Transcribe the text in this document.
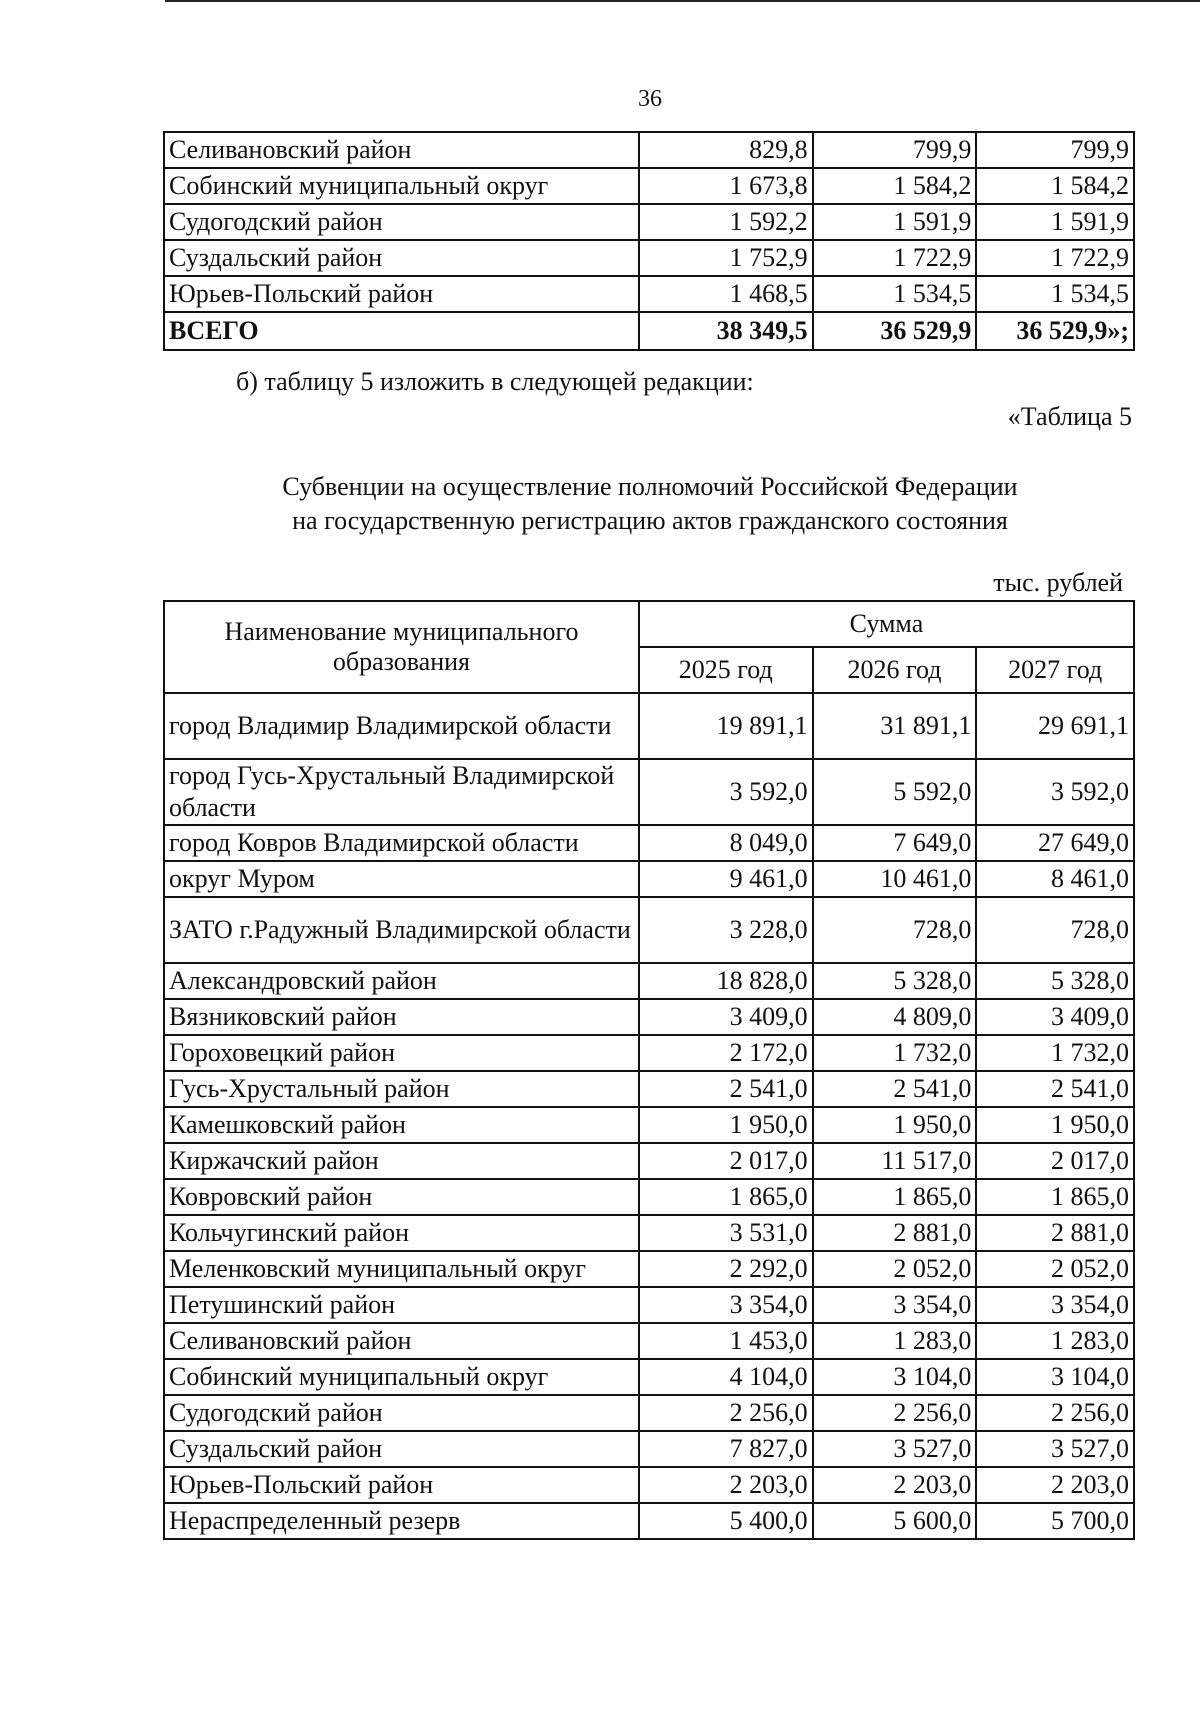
36
Селивановский район	829,8	799,9	799,9
Собинский муниципальный округ	1 673,8	1 584,2	1 584,2
Судогодский район	1 592,2	1 591,9	1 591,9
Суздальский район	1 752,9	1 722,9	1 722,9
Юрьев-Польский район	1 468,5	1 534,5	1 534,5
ВСЕГО	38 349,5	36 529,9	36 529,9»;
б) таблицу 5 изложить в следующей редакции:
«Таблица 5
Субвенции на осуществление полномочий Российской Федерации
на государственную регистрацию актов гражданского состояния
тыс. рублей
Наименование муниципального образования	Сумма		
	2025 год	2026 год	2027 год
город Владимир Владимирской области	19 891,1	31 891,1	29 691,1
город Гусь-Хрустальный Владимирской области	3 592,0	5 592,0	3 592,0
город Ковров Владимирской области	8 049,0	7 649,0	27 649,0
округ Муром	9 461,0	10 461,0	8 461,0
ЗАТО г.Радужный Владимирской области	3 228,0	728,0	728,0
Александровский район	18 828,0	5 328,0	5 328,0
Вязниковский район	3 409,0	4 809,0	3 409,0
Гороховецкий район	2 172,0	1 732,0	1 732,0
Гусь-Хрустальный район	2 541,0	2 541,0	2 541,0
Камешковский район	1 950,0	1 950,0	1 950,0
Киржачский район	2 017,0	11 517,0	2 017,0
Ковровский район	1 865,0	1 865,0	1 865,0
Кольчугинский район	3 531,0	2 881,0	2 881,0
Меленковский муниципальный округ	2 292,0	2 052,0	2 052,0
Петушинский район	3 354,0	3 354,0	3 354,0
Селивановский район	1 453,0	1 283,0	1 283,0
Собинский муниципальный округ	4 104,0	3 104,0	3 104,0
Судогодский район	2 256,0	2 256,0	2 256,0
Суздальский район	7 827,0	3 527,0	3 527,0
Юрьев-Польский район	2 203,0	2 203,0	2 203,0
Нераспределенный резерв	5 400,0	5 600,0	5 700,0
